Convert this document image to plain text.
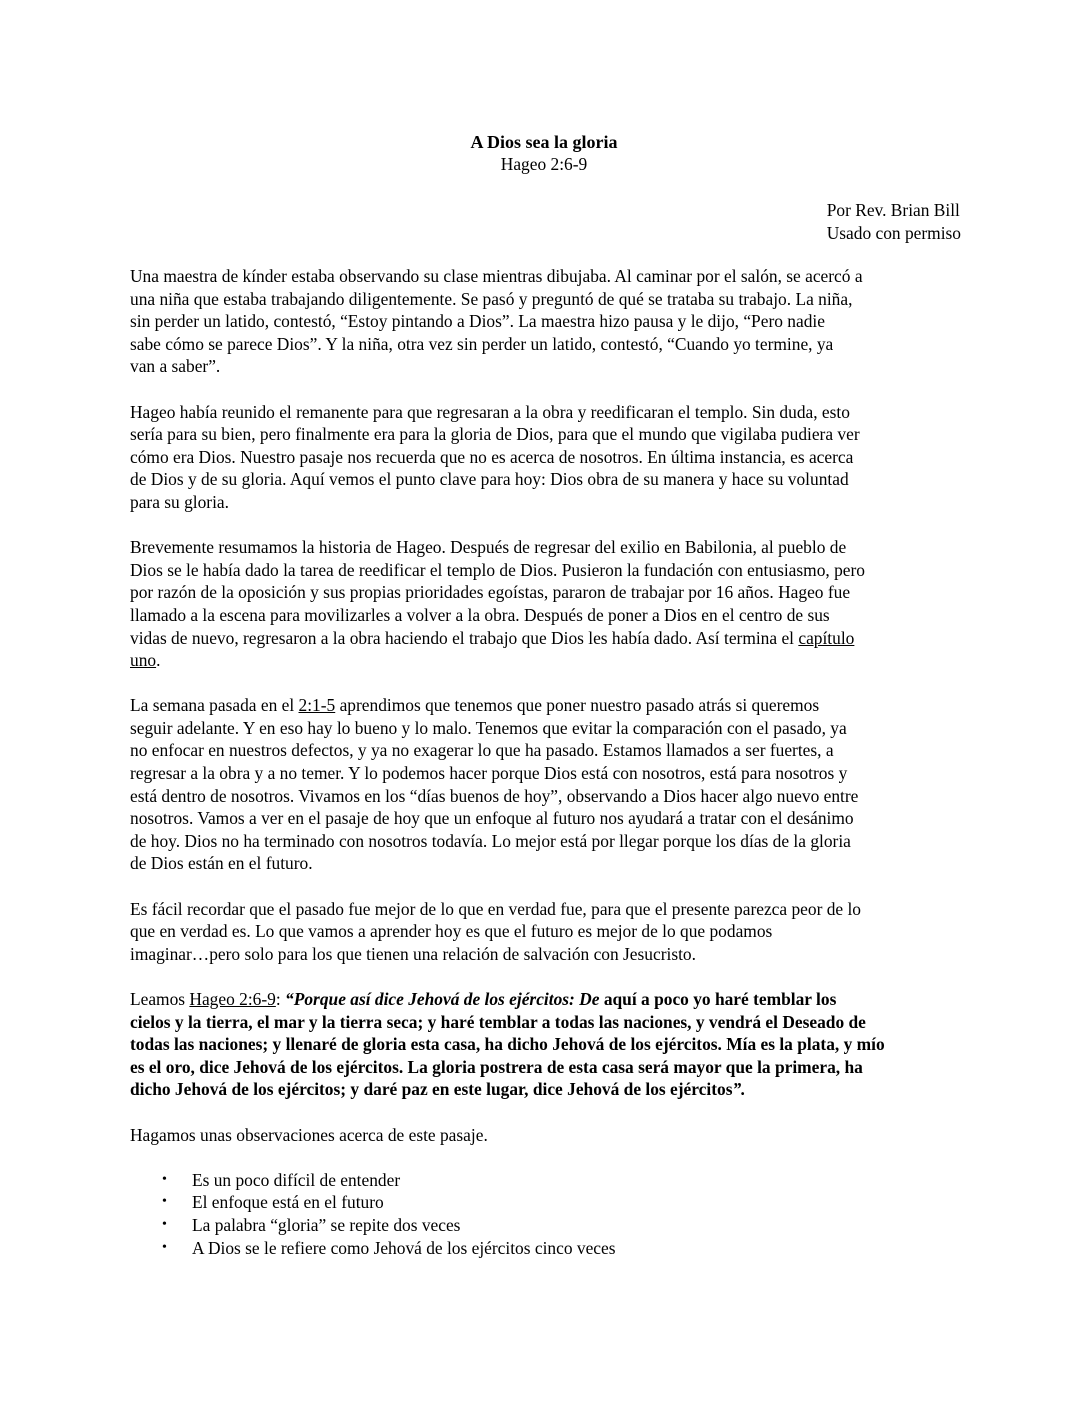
A Dios sea la gloria
Hageo 2:6-9
Por Rev. Brian Bill
Usado con permiso

Una maestra de kínder estaba observando su clase mientras dibujaba. Al caminar por el salón, se acercó a
una niña que estaba trabajando diligentemente. Se pasó y preguntó de qué se trataba su trabajo. La niña,
sin perder un latido, contestó, “Estoy pintando a Dios”. La maestra hizo pausa y le dijo, “Pero nadie
sabe cómo se parece Dios”. Y la niña, otra vez sin perder un latido, contestó, “Cuando yo termine, ya
van a saber”.

Hageo había reunido el remanente para que regresaran a la obra y reedificaran el templo. Sin duda, esto
sería para su bien, pero finalmente era para la gloria de Dios, para que el mundo que vigilaba pudiera ver
cómo era Dios. Nuestro pasaje nos recuerda que no es acerca de nosotros. En última instancia, es acerca
de Dios y de su gloria. Aquí vemos el punto clave para hoy: Dios obra de su manera y hace su voluntad
para su gloria.

Brevemente resumamos la historia de Hageo. Después de regresar del exilio en Babilonia, al pueblo de
Dios se le había dado la tarea de reedificar el templo de Dios. Pusieron la fundación con entusiasmo, pero
por razón de la oposición y sus propias prioridades egoístas, pararon de trabajar por 16 años. Hageo fue
llamado a la escena para movilizarles a volver a la obra. Después de poner a Dios en el centro de sus
vidas de nuevo, regresaron a la obra haciendo el trabajo que Dios les había dado. Así termina el capítulo
uno.

La semana pasada en el 2:1-5 aprendimos que tenemos que poner nuestro pasado atrás si queremos
seguir adelante. Y en eso hay lo bueno y lo malo. Tenemos que evitar la comparación con el pasado, ya
no enfocar en nuestros defectos, y ya no exagerar lo que ha pasado. Estamos llamados a ser fuertes, a
regresar a la obra y a no temer. Y lo podemos hacer porque Dios está con nosotros, está para nosotros y
está dentro de nosotros. Vivamos en los “días buenos de hoy”, observando a Dios hacer algo nuevo entre
nosotros. Vamos a ver en el pasaje de hoy que un enfoque al futuro nos ayudará a tratar con el desánimo
de hoy. Dios no ha terminado con nosotros todavía. Lo mejor está por llegar porque los días de la gloria
de Dios están en el futuro.

Es fácil recordar que el pasado fue mejor de lo que en verdad fue, para que el presente parezca peor de lo
que en verdad es. Lo que vamos a aprender hoy es que el futuro es mejor de lo que podamos
imaginar…pero solo para los que tienen una relación de salvación con Jesucristo.

Leamos Hageo 2:6-9: “Porque así dice Jehová de los ejércitos: De aquí a poco yo haré temblar los
cielos y la tierra, el mar y la tierra seca; y haré temblar a todas las naciones, y vendrá el Deseado de
todas las naciones; y llenaré de gloria esta casa, ha dicho Jehová de los ejércitos. Mía es la plata, y mío
es el oro, dice Jehová de los ejércitos. La gloria postrera de esta casa será mayor que la primera, ha
dicho Jehová de los ejércitos; y daré paz en este lugar, dice Jehová de los ejércitos”.

Hagamos unas observaciones acerca de este pasaje.

• Es un poco difícil de entender
• El enfoque está en el futuro
• La palabra “gloria” se repite dos veces
• A Dios se le refiere como Jehová de los ejércitos cinco veces
